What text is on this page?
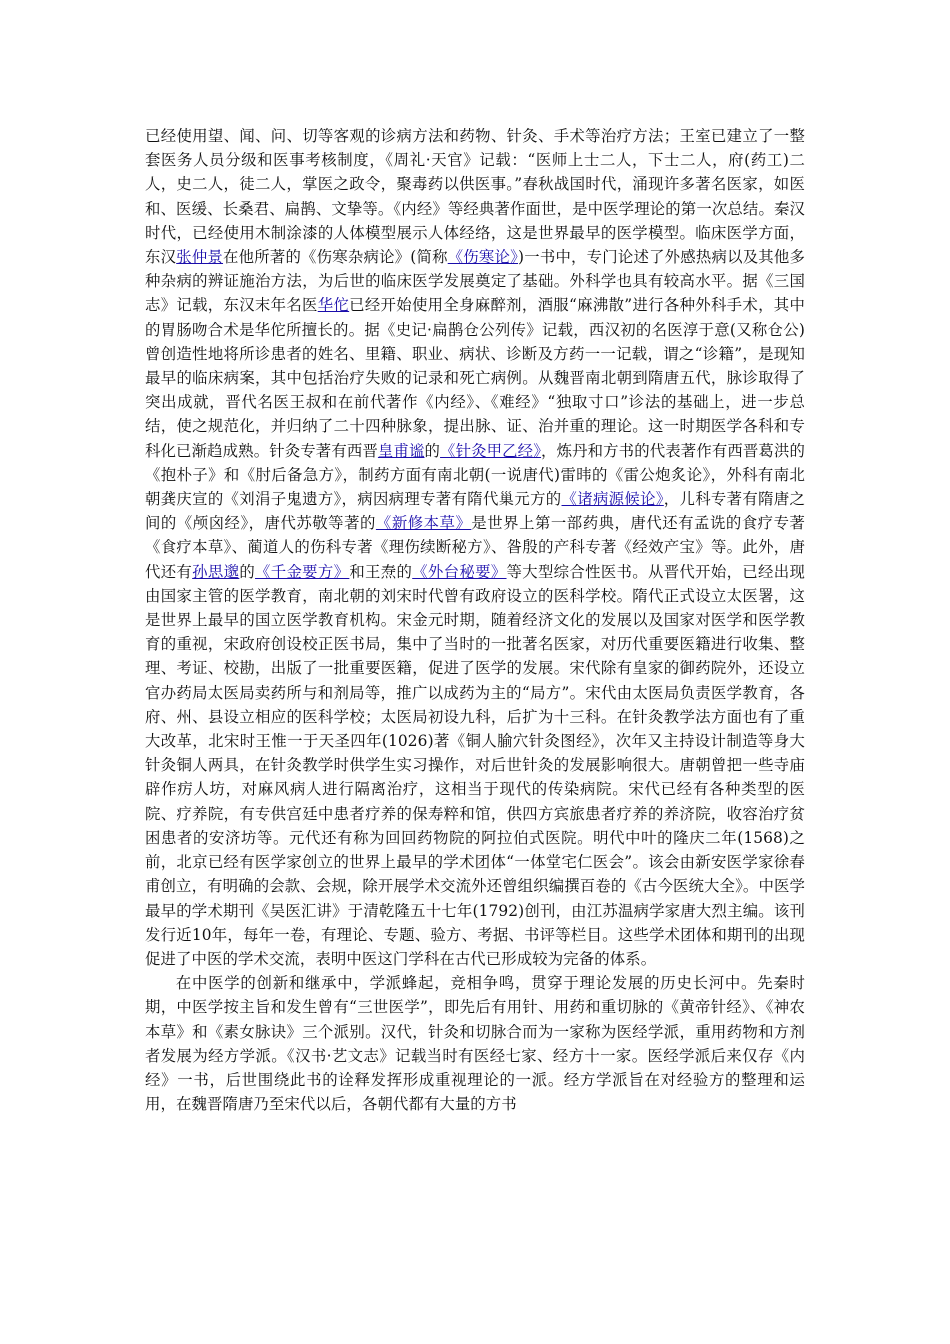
已经使用望、闻、问、切等客观的诊病方法和药物、针灸、手术等治疗方法；王室已建立了一整套医务人员分级和医事考核制度，《周礼·天官》记载：“医师上士二人，下士二人，府(药工)二人，史二人，徒二人，掌医之政令，聚毒药以供医事。”春秋战国时代，涌现许多著名医家，如医和、医缓、长桑君、扁鹊、文挚等。《内经》等经典著作面世，是中医学理论的第一次总结。秦汉时代，已经使用木制涂漆的人体模型展示人体经络，这是世界最早的医学模型。临床医学方面，东汉张仲景在他所著的《伤寒杂病论》(简称《伤寒论》)一书中，专门论述了外感热病以及其他多种杂病的辨证施治方法，为后世的临床医学发展奠定了基础。外科学也具有较高水平。据《三国志》记载，东汉末年名医华佗已经开始使用全身麻醉剂，酒服“麻沸散”进行各种外科手术，其中的胃肠吻合术是华佗所擅长的。据《史记·扁鹊仓公列传》记载，西汉初的名医淳于意(又称仓公)曾创造性地将所诊患者的姓名、里籍、职业、病状、诊断及方药一一记载，谓之“诊籍”，是现知最早的临床病案，其中包括治疗失败的记录和死亡病例。从魏晋南北朝到隋唐五代，脉诊取得了突出成就，晋代名医王叔和在前代著作《内经》、《难经》“独取寸口”诊法的基础上，进一步总结，使之规范化，并归纳了二十四种脉象，提出脉、证、治并重的理论。这一时期医学各科和专科化已渐趋成熟。针灸专著有西晋皇甫谧的《针灸甲乙经》，炼丹和方书的代表著作有西晋葛洪的《抱朴子》和《肘后备急方》，制药方面有南北朝(一说唐代)雷𬀩的《雷公炮炙论》，外科有南北朝龚庆宣的《刘涓子鬼遗方》，病因病理专著有隋代巢元方的《诸病源候论》，儿科专著有隋唐之间的《颅囟经》，唐代苏敬等著的《新修本草》是世界上第一部药典，唐代还有孟诜的食疗专著《食疗本草》、蔺道人的伤科专著《理伤续断秘方》、昝殷的产科专著《经效产宝》等。此外，唐代还有孙思邈的《千金要方》和王焘的《外台秘要》等大型综合性医书。从晋代开始，已经出现由国家主管的医学教育，南北朝的刘宋时代曾有政府设立的医科学校。隋代正式设立太医署，这是世界上最早的国立医学教育机构。宋金元时期，随着经济文化的发展以及国家对医学和医学教育的重视，宋政府创设校正医书局，集中了当时的一批著名医家，对历代重要医籍进行收集、整理、考证、校勘，出版了一批重要医籍，促进了医学的发展。宋代除有皇家的御药院外，还设立官办药局太医局卖药所与和剂局等，推广以成药为主的“局方”。宋代由太医局负责医学教育，各府、州、县设立相应的医科学校；太医局初设九科，后扩为十三科。在针灸教学法方面也有了重大改革，北宋时王惟一于天圣四年(1026)著《铜人腧穴针灸图经》，次年又主持设计制造等身大针灸铜人两具，在针灸教学时供学生实习操作，对后世针灸的发展影响很大。唐朝曾把一些寺庙辟作疠人坊，对麻风病人进行隔离治疗，这相当于现代的传染病院。宋代已经有各种类型的医院、疗养院，有专供宫廷中患者疗养的保寿粹和馆，供四方宾旅患者疗养的养济院，收容治疗贫困患者的安济坊等。元代还有称为回回药物院的阿拉伯式医院。明代中叶的隆庆二年(1568)之前，北京已经有医学家创立的世界上最早的学术团体“一体堂宅仁医会”。该会由新安医学家徐春甫创立，有明确的会款、会规，除开展学术交流外还曾组织编撰百卷的《古今医统大全》。中医学最早的学术期刊《吴医汇讲》于清乾隆五十七年(1792)创刊，由江苏温病学家唐大烈主编。该刊发行近10年，每年一卷，有理论、专题、验方、考据、书评等栏目。这些学术团体和期刊的出现促进了中医的学术交流，表明中医这门学科在古代已形成较为完备的体系。

在中医学的创新和继承中，学派蜂起，竞相争鸣，贯穿于理论发展的历史长河中。先秦时期，中医学按主旨和发生曾有“三世医学”，即先后有用针、用药和重切脉的《黄帝针经》、《神农本草》和《素女脉诀》三个派别。汉代，针灸和切脉合而为一家称为医经学派，重用药物和方剂者发展为经方学派。《汉书·艺文志》记载当时有医经七家、经方十一家。医经学派后来仅存《内经》一书，后世围绕此书的诠释发挥形成重视理论的一派。经方学派旨在对经验方的整理和运用，在魏晋隋唐乃至宋代以后，各朝代都有大量的方书
